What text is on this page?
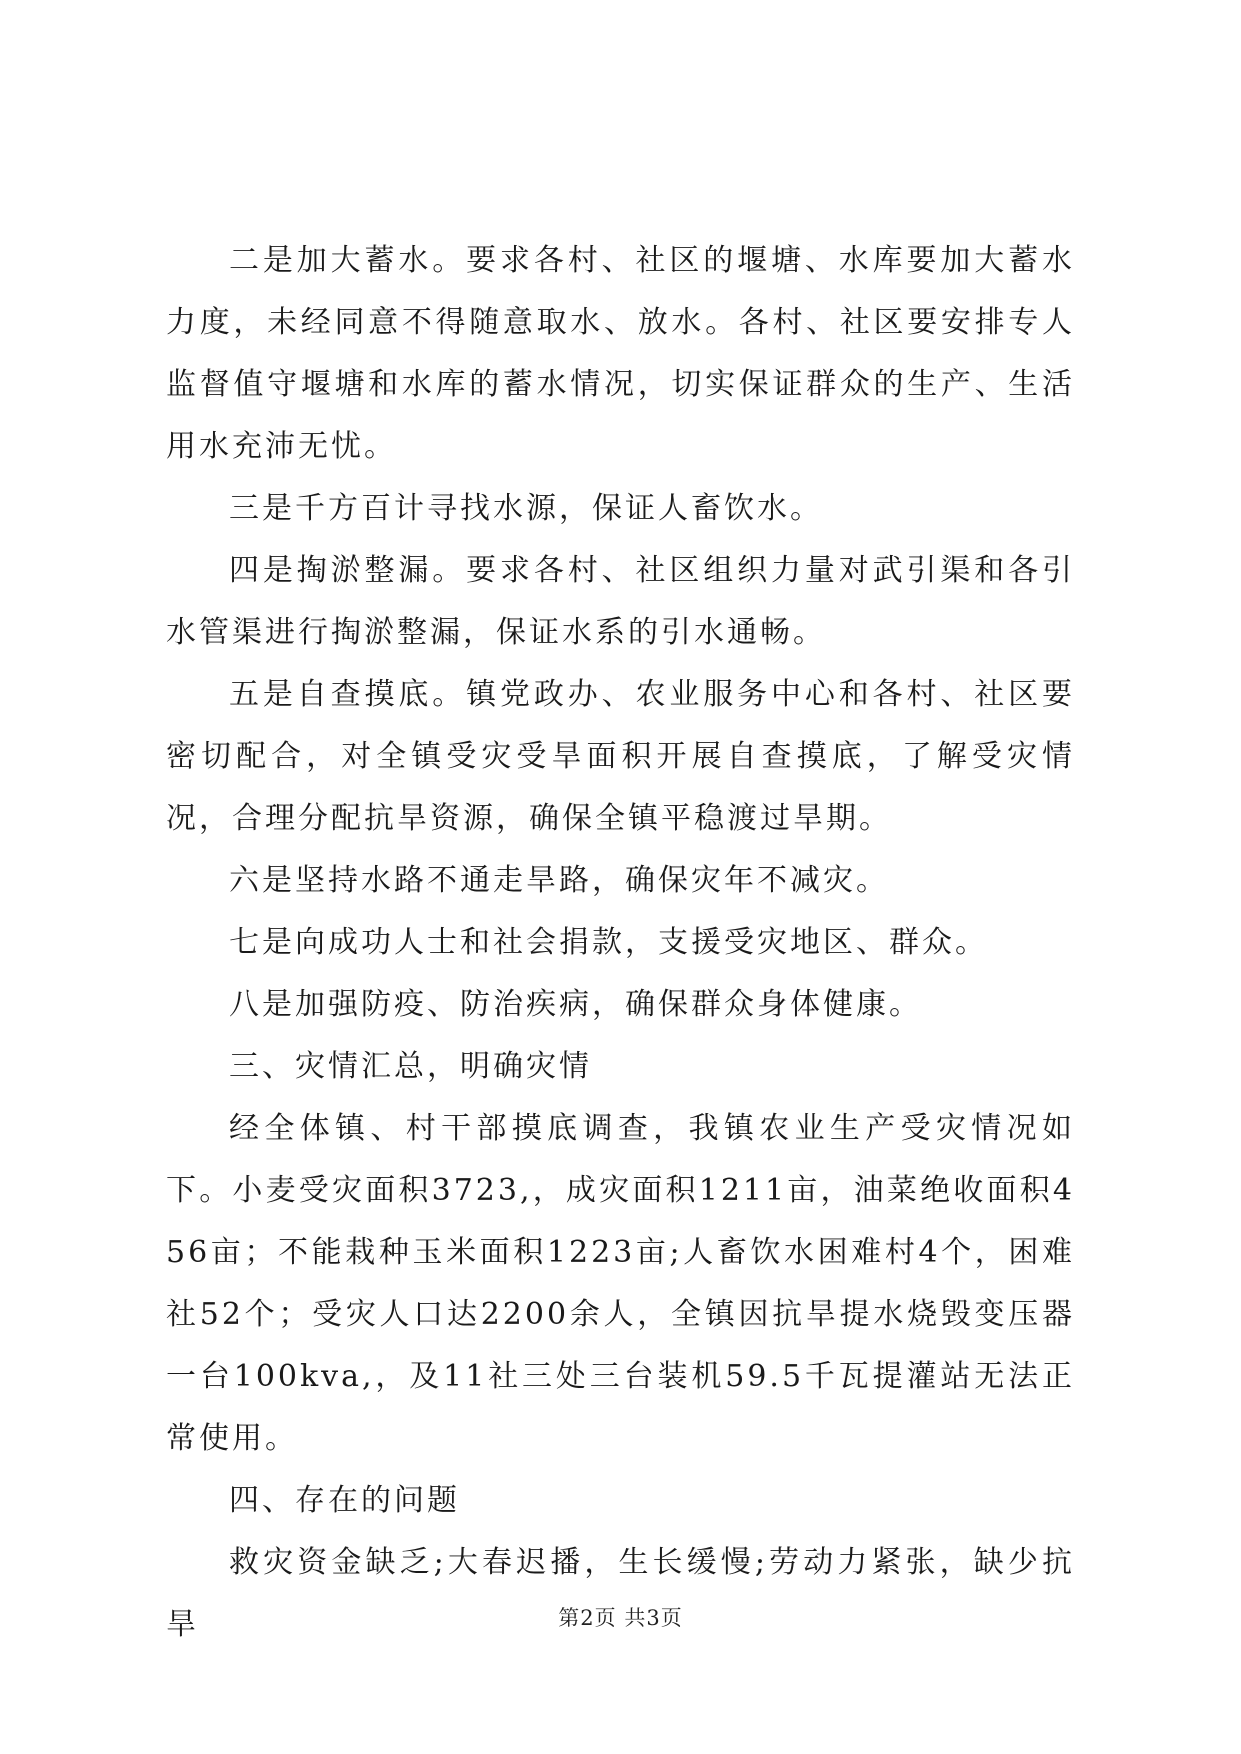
二是加大蓄水。要求各村、社区的堰塘、水库要加大蓄水力度，未经同意不得随意取水、放水。各村、社区要安排专人监督值守堰塘和水库的蓄水情况，切实保证群众的生产、生活用水充沛无忧。

三是千方百计寻找水源，保证人畜饮水。

四是掏淤整漏。要求各村、社区组织力量对武引渠和各引水管渠进行掏淤整漏，保证水系的引水通畅。

五是自查摸底。镇党政办、农业服务中心和各村、社区要密切配合，对全镇受灾受旱面积开展自查摸底，了解受灾情况，合理分配抗旱资源，确保全镇平稳渡过旱期。

六是坚持水路不通走旱路，确保灾年不减灾。

七是向成功人士和社会捐款，支援受灾地区、群众。

八是加强防疫、防治疾病，确保群众身体健康。

三、灾情汇总，明确灾情

经全体镇、村干部摸底调查，我镇农业生产受灾情况如下。小麦受灾面积3723,，成灾面积1211亩，油菜绝收面积456亩；不能栽种玉米面积1223亩;人畜饮水困难村4个，困难社52个；受灾人口达2200余人，全镇因抗旱提水烧毁变压器一台100kva,，及11社三处三台装机59.5千瓦提灌站无法正常使用。

四、存在的问题

救灾资金缺乏;大春迟播，生长缓慢;劳动力紧张，缺少抗旱	第2页 共3页
